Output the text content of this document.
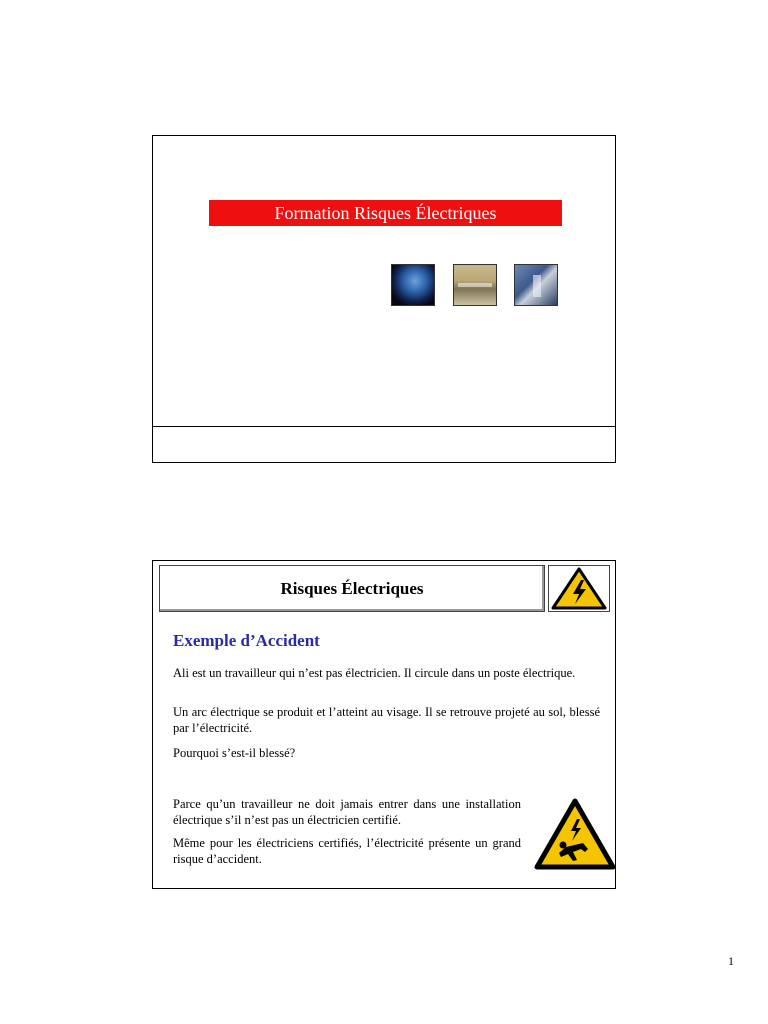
Formation Risques Électriques
Risques Électriques
Exemple d’Accident
Ali est un travailleur qui n’est pas électricien. Il circule dans un poste électrique.
Un arc électrique se produit et l’atteint au visage. Il se retrouve projeté au sol, blessé par l’électricité.
Pourquoi s’est-il blessé?
Parce qu’un travailleur ne doit jamais entrer dans une installation électrique s’il n’est pas un électricien certifié.
Même pour les électriciens certifiés, l’électricité présente un grand risque d’accident.
1
